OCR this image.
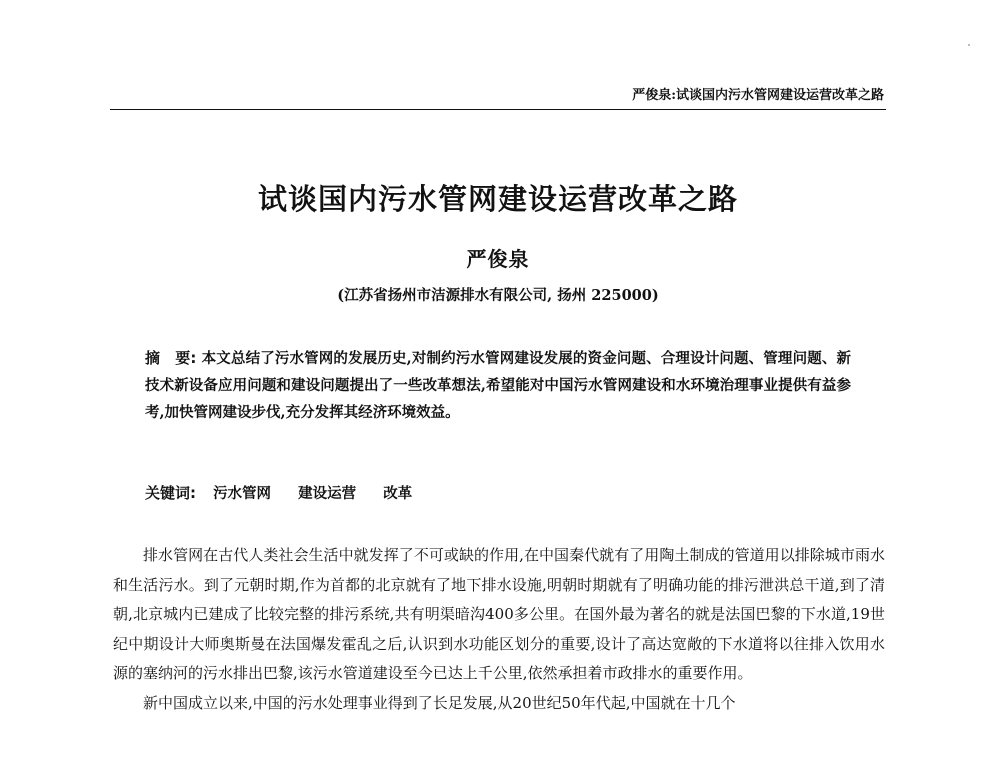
严俊泉:试谈国内污水管网建设运营改革之路
试谈国内污水管网建设运营改革之路
严俊泉
(江苏省扬州市洁源排水有限公司, 扬州 225000)
摘　要: 本文总结了污水管网的发展历史,对制约污水管网建设发展的资金问题、合理设计问题、管理问题、新技术新设备应用问题和建设问题提出了一些改革想法,希望能对中国污水管网建设和水环境治理事业提供有益参考,加快管网建设步伐,充分发挥其经济环境效益。
关键词: 污水管网 建设运营 改革

排水管网在古代人类社会生活中就发挥了不可或缺的作用,在中国秦代就有了用陶土制成的管道用以排除城市雨水和生活污水。到了元朝时期,作为首都的北京就有了地下排水设施,明朝时期就有了明确功能的排污泄洪总干道,到了清朝,北京城内已建成了比较完整的排污系统,共有明渠暗沟400多公里。在国外最为著名的就是法国巴黎的下水道,19世纪中期设计大师奥斯曼在法国爆发霍乱之后,认识到水功能区划分的重要,设计了高达宽敞的下水道将以往排入饮用水源的塞纳河的污水排出巴黎,该污水管道建设至今已达上千公里,依然承担着市政排水的重要作用。

新中国成立以来,中国的污水处理事业得到了长足发展,从20世纪50年代起,中国就在十几个
